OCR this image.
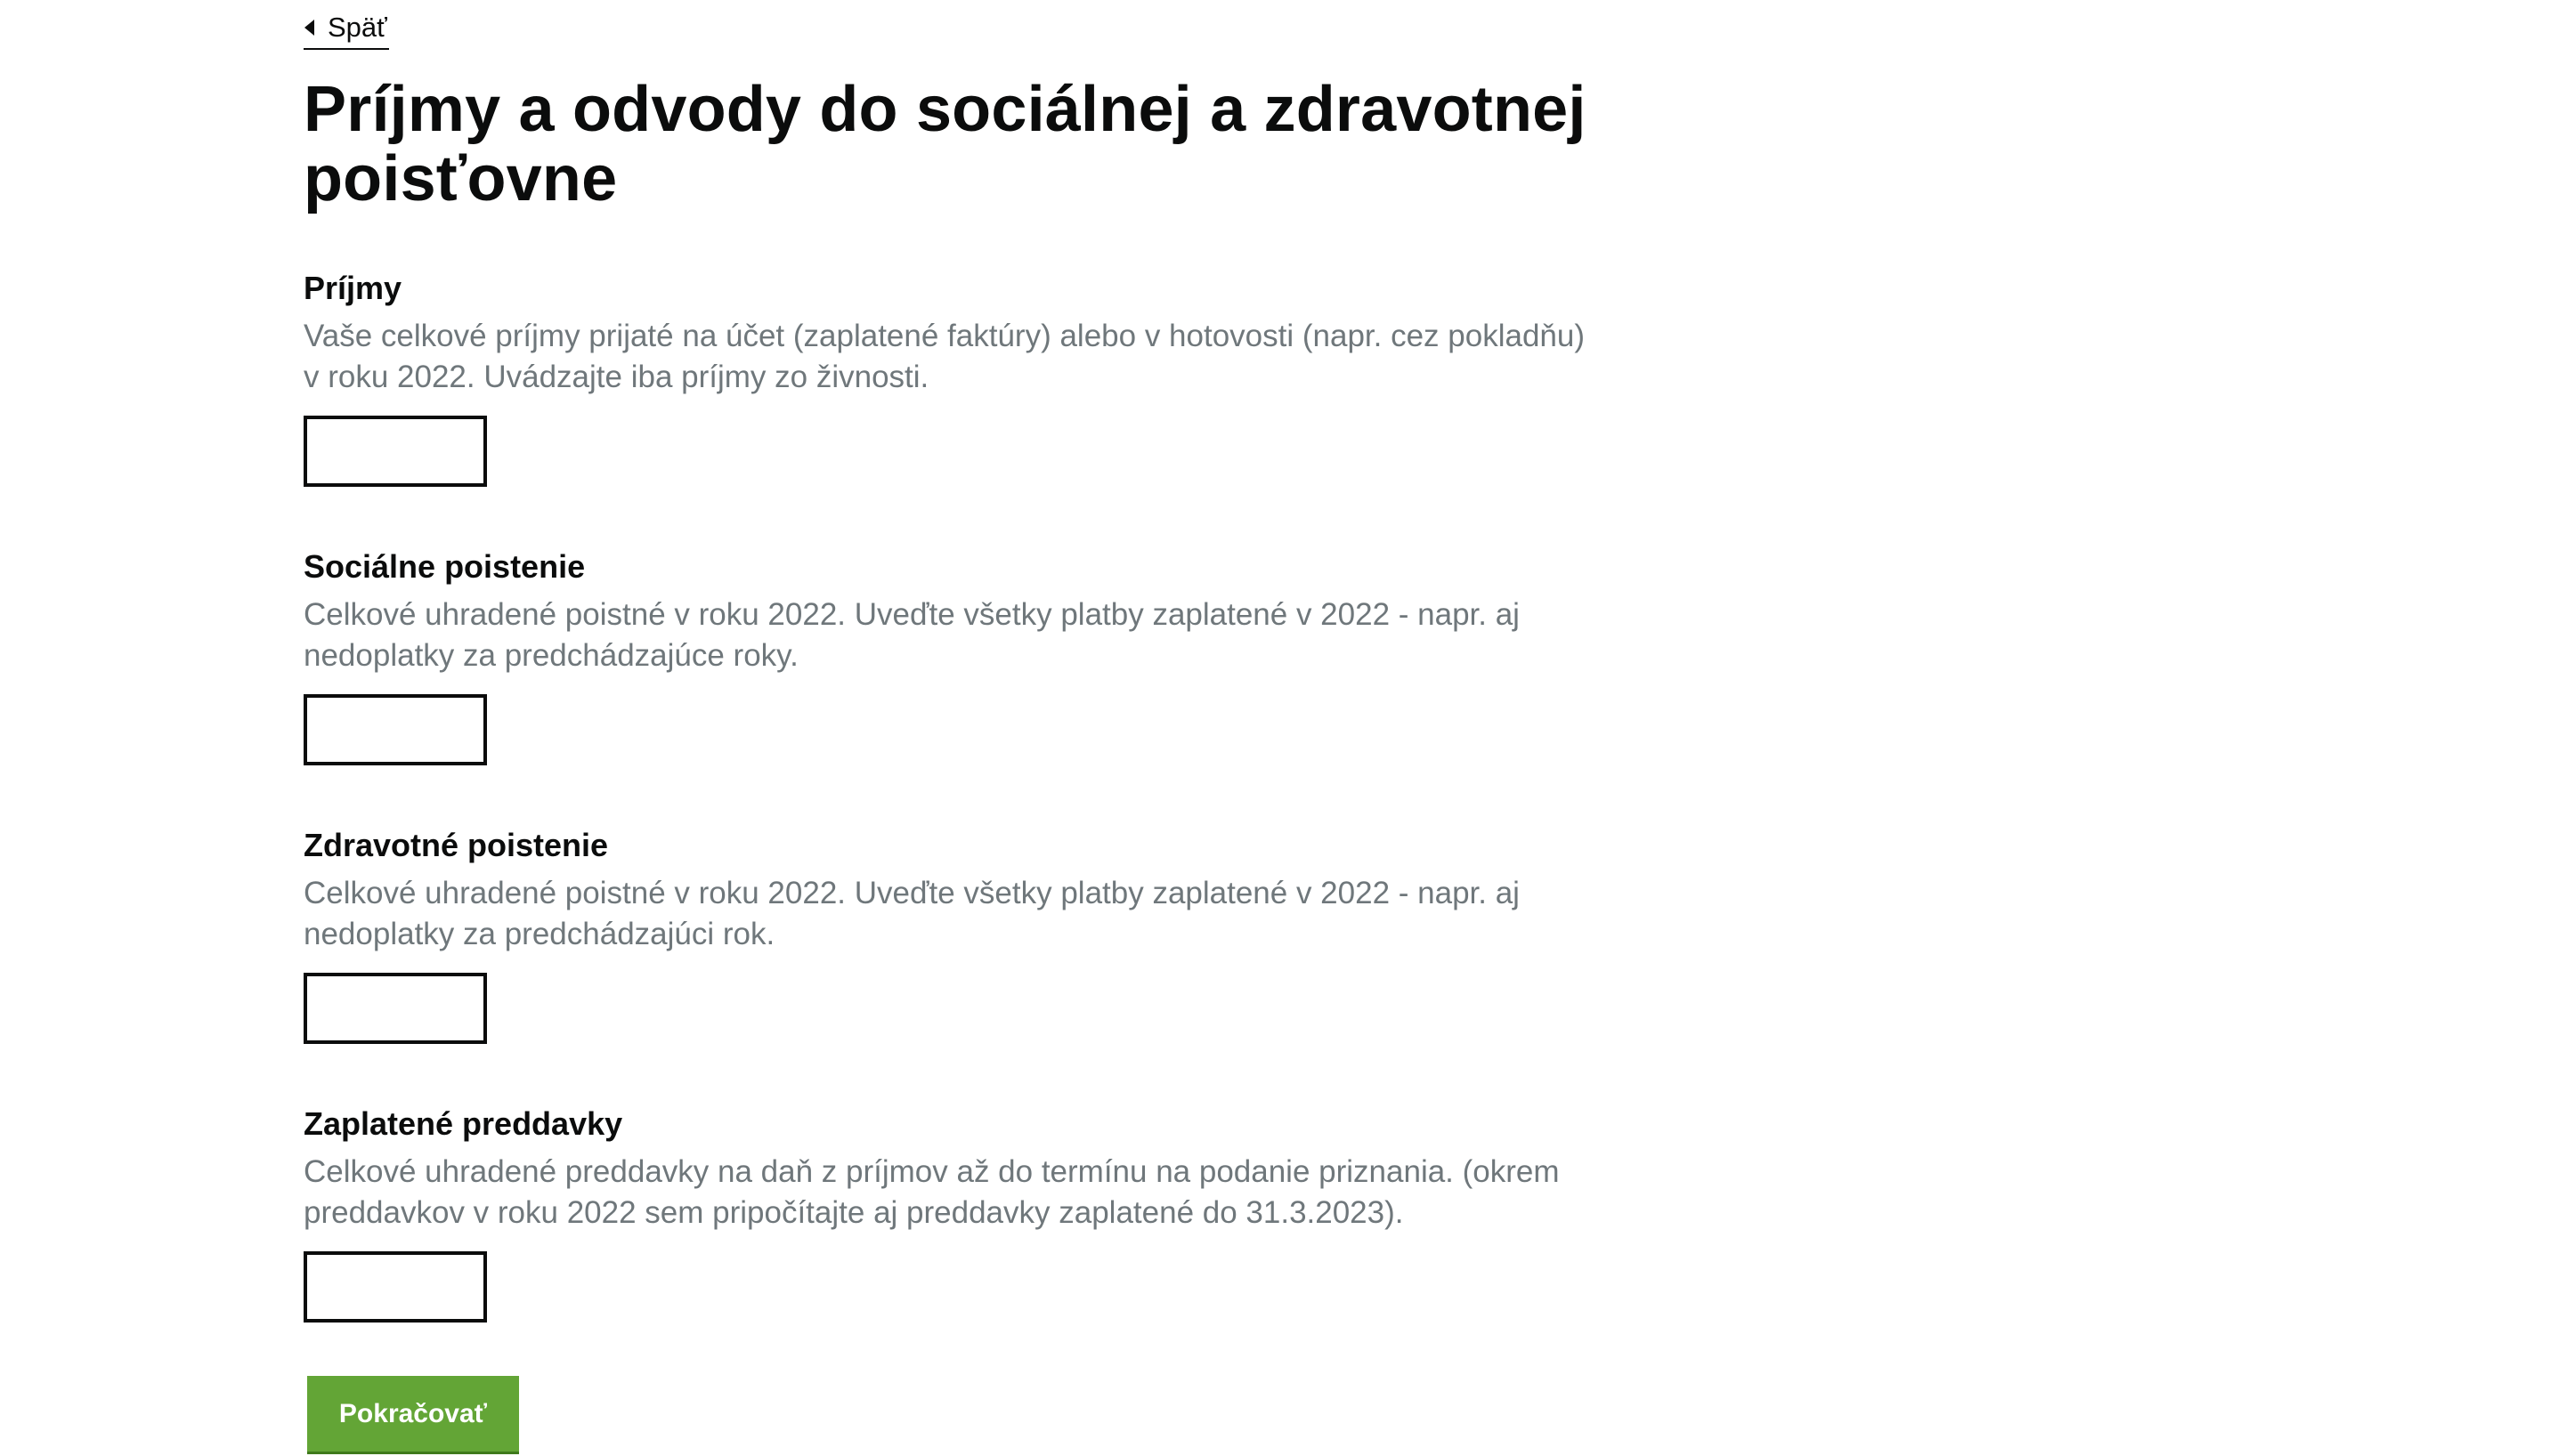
Späť
Príjmy a odvody do sociálnej a zdravotnej poisťovne

Príjmy

Vaše celkové príjmy prijaté na účet (zaplatené faktúry) alebo v hotovosti (napr. cez pokladňu) v roku 2022. Uvádzajte iba príjmy zo živnosti.

Sociálne poistenie

Celkové uhradené poistné v roku 2022. Uveďte všetky platby zaplatené v 2022 - napr. aj nedoplatky za predchádzajúce roky.

Zdravotné poistenie

Celkové uhradené poistné v roku 2022. Uveďte všetky platby zaplatené v 2022 - napr. aj nedoplatky za predchádzajúci rok.

Zaplatené preddavky

Celkové uhradené preddavky na daň z príjmov až do termínu na podanie priznania. (okrem preddavkov v roku 2022 sem pripočítajte aj preddavky zaplatené do 31.3.2023).

Pokračovať
